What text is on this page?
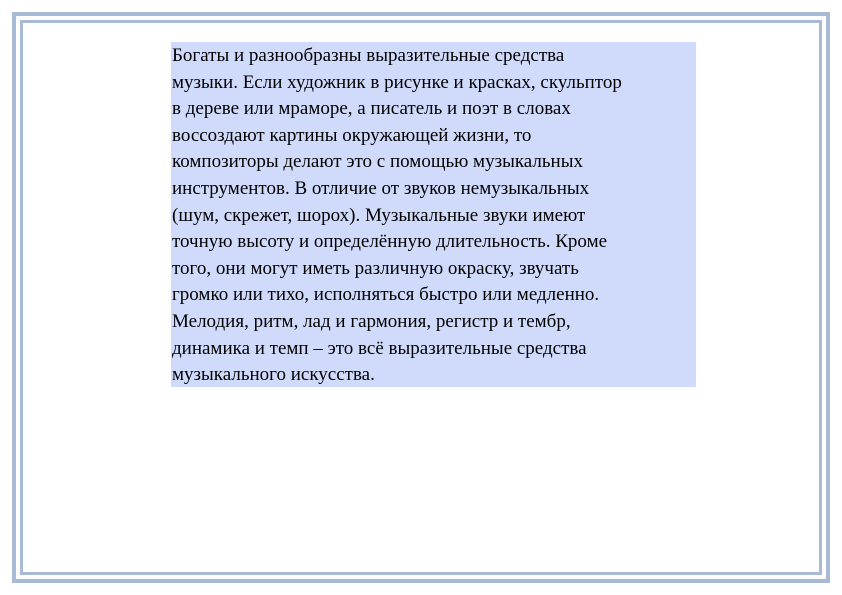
Богаты и разнообразны выразительные средства
музыки. Если художник в рисунке и красках, скульптор
в дереве или мраморе, а писатель и поэт в словах
воссоздают картины окружающей жизни, то
композиторы делают это с помощью музыкальных
инструментов. В отличие от звуков немузыкальных
(шум, скрежет, шорох). Музыкальные звуки имеют
точную высоту и определённую длительность. Кроме
того, они могут иметь различную окраску, звучать
громко или тихо, исполняться быстро или медленно.
Мелодия, ритм, лад и гармония, регистр и тембр,
динамика и темп – это всё выразительные средства
музыкального искусства.
